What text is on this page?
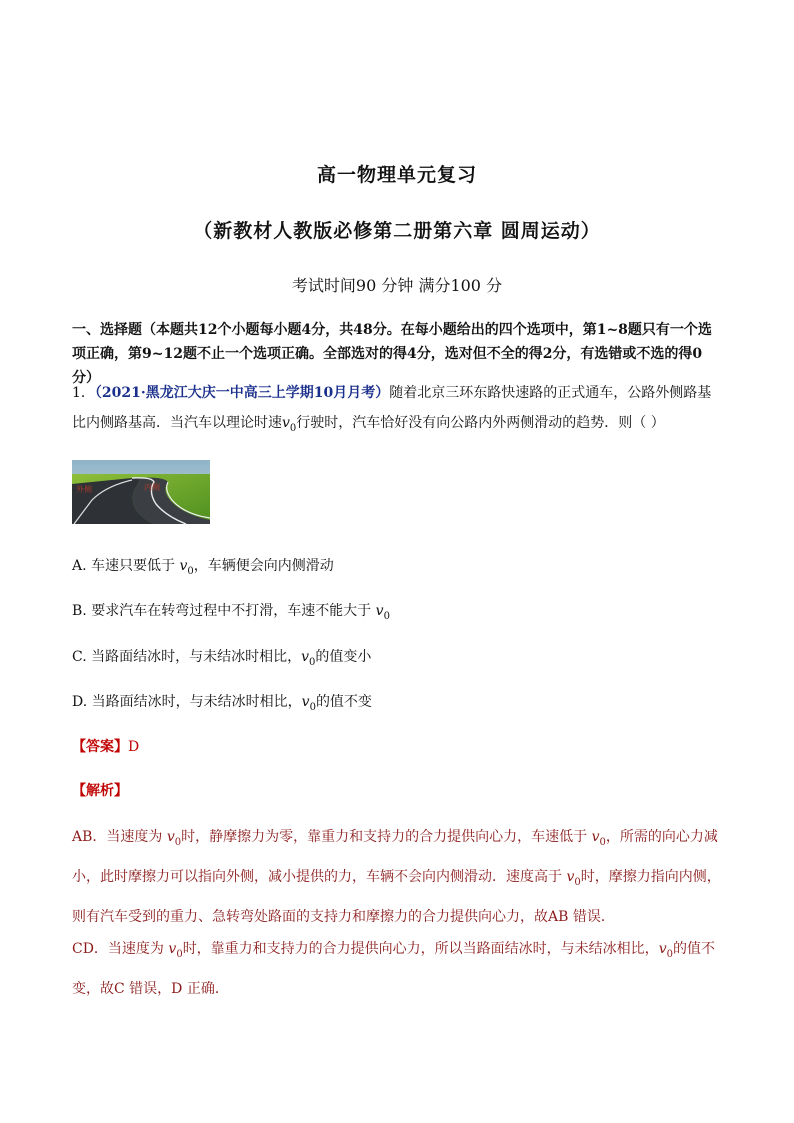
高一物理单元复习
（新教材人教版必修第二册第六章 圆周运动）
考试时间90 分钟 满分100 分
一、选择题（本题共12个小题每小题4分，共48分。在每小题给出的四个选项中，第1~8题只有一个选项正确，第9~12题不止一个选项正确。全部选对的得4分，选对但不全的得2分，有选错或不选的得0分）
1．（2021·黑龙江大庆一中高三上学期10月月考）随着北京三环东路快速路的正式通车，公路外侧路基比内侧路基高．当汽车以理论时速$v_0$行驶时，汽车恰好没有向公路内外两侧滑动的趋势．则（ ）
外侧	内侧
A. 车速只要低于 $v_0$，车辆便会向内侧滑动
B. 要求汽车在转弯过程中不打滑，车速不能大于 $v_0$
C. 当路面结冰时，与未结冰时相比，$v_0$的值变小
D. 当路面结冰时，与未结冰时相比，$v_0$的值不变
【答案】D
【解析】
AB．当速度为 $v_0$时，静摩擦力为零，靠重力和支持力的合力提供向心力，车速低于 $v_0$，所需的向心力减小，此时摩擦力可以指向外侧，减小提供的力，车辆不会向内侧滑动．速度高于 $v_0$时，摩擦力指向内侧，则有汽车受到的重力、急转弯处路面的支持力和摩擦力的合力提供向心力，故AB 错误．
CD．当速度为 $v_0$时，靠重力和支持力的合力提供向心力，所以当路面结冰时，与未结冰相比，$v_0$的值不变，故C 错误，D 正确．
